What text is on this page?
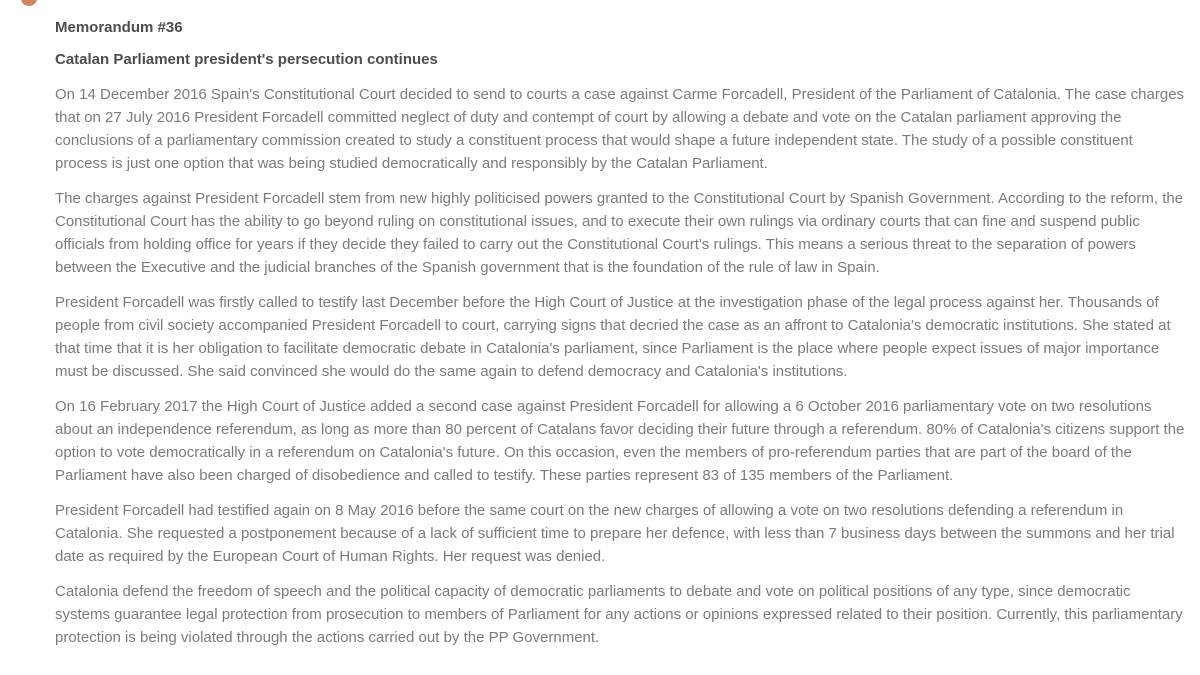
Memorandum #36

Catalan Parliament president's persecution continues

On 14 December 2016 Spain's Constitutional Court decided to send to courts a case against Carme Forcadell, President of the Parliament of Catalonia. The case charges that on 27 July 2016 President Forcadell committed neglect of duty and contempt of court by allowing a debate and vote on the Catalan parliament approving the conclusions of a parliamentary commission created to study a constituent process that would shape a future independent state. The study of a possible constituent process is just one option that was being studied democratically and responsibly by the Catalan Parliament.

The charges against President Forcadell stem from new highly politicised powers granted to the Constitutional Court by Spanish Government. According to the reform, the Constitutional Court has the ability to go beyond ruling on constitutional issues, and to execute their own rulings via ordinary courts that can fine and suspend public officials from holding office for years if they decide they failed to carry out the Constitutional Court's rulings. This means a serious threat to the separation of powers between the Executive and the judicial branches of the Spanish government that is the foundation of the rule of law in Spain.

President Forcadell was firstly called to testify last December before the High Court of Justice at the investigation phase of the legal process against her. Thousands of people from civil society accompanied President Forcadell to court, carrying signs that decried the case as an affront to Catalonia's democratic institutions. She stated at that time that it is her obligation to facilitate democratic debate in Catalonia's parliament, since Parliament is the place where people expect issues of major importance must be discussed. She said convinced she would do the same again to defend democracy and Catalonia's institutions.

On 16 February 2017 the High Court of Justice added a second case against President Forcadell for allowing a 6 October 2016 parliamentary vote on two resolutions about an independence referendum, as long as more than 80 percent of Catalans favor deciding their future through a referendum. 80% of Catalonia's citizens support the option to vote democratically in a referendum on Catalonia's future. On this occasion, even the members of pro-referendum parties that are part of the board of the Parliament have also been charged of disobedience and called to testify. These parties represent 83 of 135 members of the Parliament.

President Forcadell had testified again on 8 May 2016 before the same court on the new charges of allowing a vote on two resolutions defending a referendum in Catalonia. She requested a postponement because of a lack of sufficient time to prepare her defence, with less than 7 business days between the summons and her trial date as required by the European Court of Human Rights. Her request was denied.

Catalonia defend the freedom of speech and the political capacity of democratic parliaments to debate and vote on political positions of any type, since democratic systems guarantee legal protection from prosecution to members of Parliament for any actions or opinions expressed related to their position. Currently, this parliamentary protection is being violated through the actions carried out by the PP Government.
